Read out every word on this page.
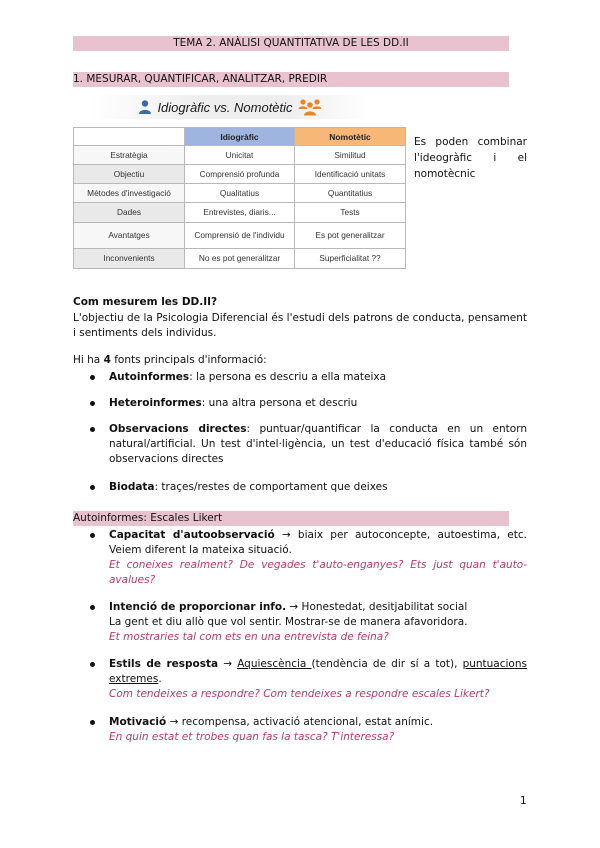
TEMA 2. ANÀLISI QUANTITATIVA DE LES DD.II
1. MESURAR, QUANTIFICAR, ANALITZAR, PREDIR
Idiogràfic vs. Nomotètic
	Idiogràfic	Nomotètic
Estratègia	Unicitat	Similitud
Objectiu	Comprensió profunda	Identificació unitats
Mètodes d'investigació	Qualitatius	Quantitatius
Dades	Entrevistes, diaris...	Tests
Avantatges	Comprensió de l'individu	Es pot generalitzar
Inconvenients	No es pot generalitzar	Superficialitat ??
Es poden combinar
l'ideogràfic i el
nomotècnic
Com mesurem les DD.II?
L'objectiu de la Psicologia Diferencial és l'estudi dels patrons de conducta, pensament i sentiments dels individus.
Hi ha 4 fonts principals d'informació:
Autoinformes: la persona es descriu a ella mateixa
Heteroinformes: una altra persona et descriu
Observacions directes: puntuar/quantificar la conducta en un entorn natural/artificial. Un test d'intel·ligència, un test d'educació física també són observacions directes
Biodata: traçes/restes de comportament que deixes
Autoinformes: Escales Likert
Capacitat d'autoobservació → biaix per autoconcepte, autoestima, etc. Veiem diferent la mateixa situació.
Et coneixes realment? De vegades t'auto-enganyes? Ets just quan t'auto-avalues?
Intenció de proporcionar info. → Honestedat, desitjabilitat social
La gent et diu allò que vol sentir. Mostrar-se de manera afavoridora.
Et mostraries tal com ets en una entrevista de feina?
Estils de resposta → Aquiescència (tendència de dir sí a tot), puntuacions extremes.
Com tendeixes a respondre? Com tendeixes a respondre escales Likert?
Motivació → recompensa, activació atencional, estat anímic.
En quin estat et trobes quan fas la tasca? T'interessa?
1
